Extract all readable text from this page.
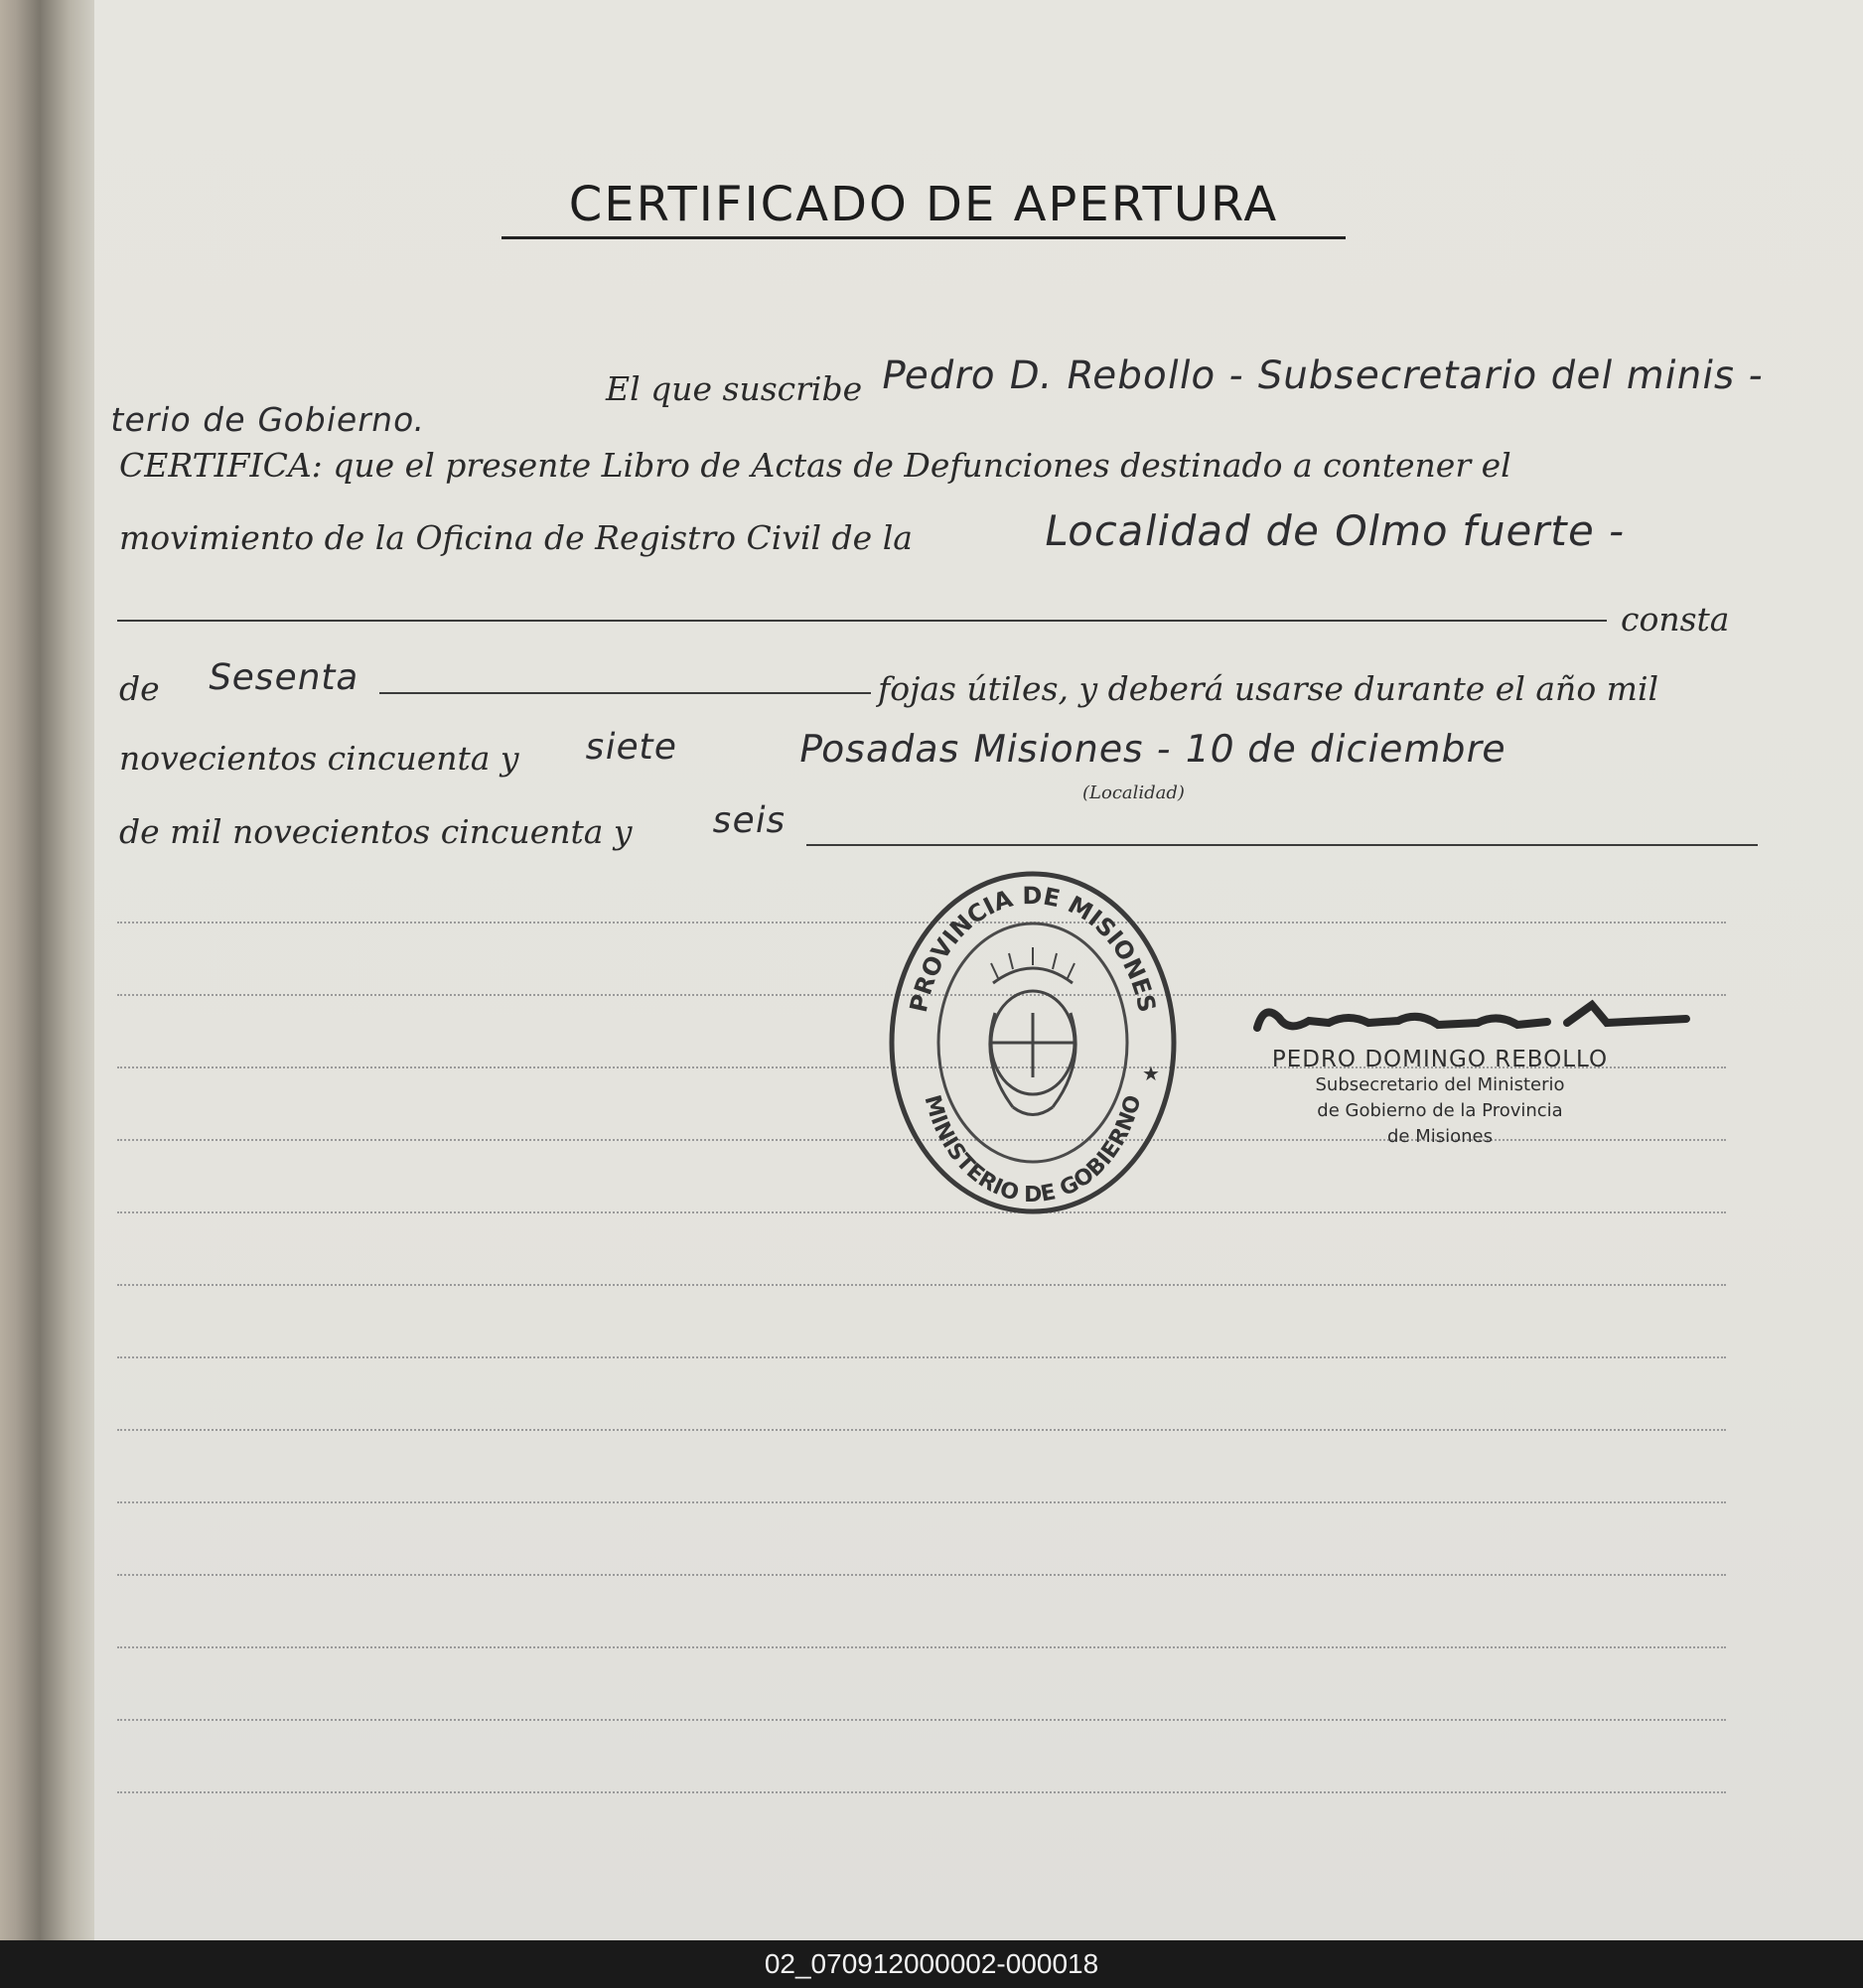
CERTIFICADO DE APERTURA
El que suscribe Pedro D. Rebollo - Subsecretario del minis -
terio de Gobierno.
CERTIFICA: que el presente Libro de Actas de Defunciones destinado a contener el
movimiento de la Oficina de Registro Civil de la	Localidad de Olmo fuerte -
consta
de Sesenta	fojas útiles, y deberá usarse durante el año mil
novecientos cincuenta y siete	Posadas Misiones - 10 de diciembre
(Localidad)
de mil novecientos cincuenta y seis
PROVINCIA DE MISIONES
MINISTERIO DE GOBIERNO
★
PEDRO DOMINGO REBOLLO
Subsecretario del Ministerio
de Gobierno de la Provincia
de Misiones
02_070912000002-000018
